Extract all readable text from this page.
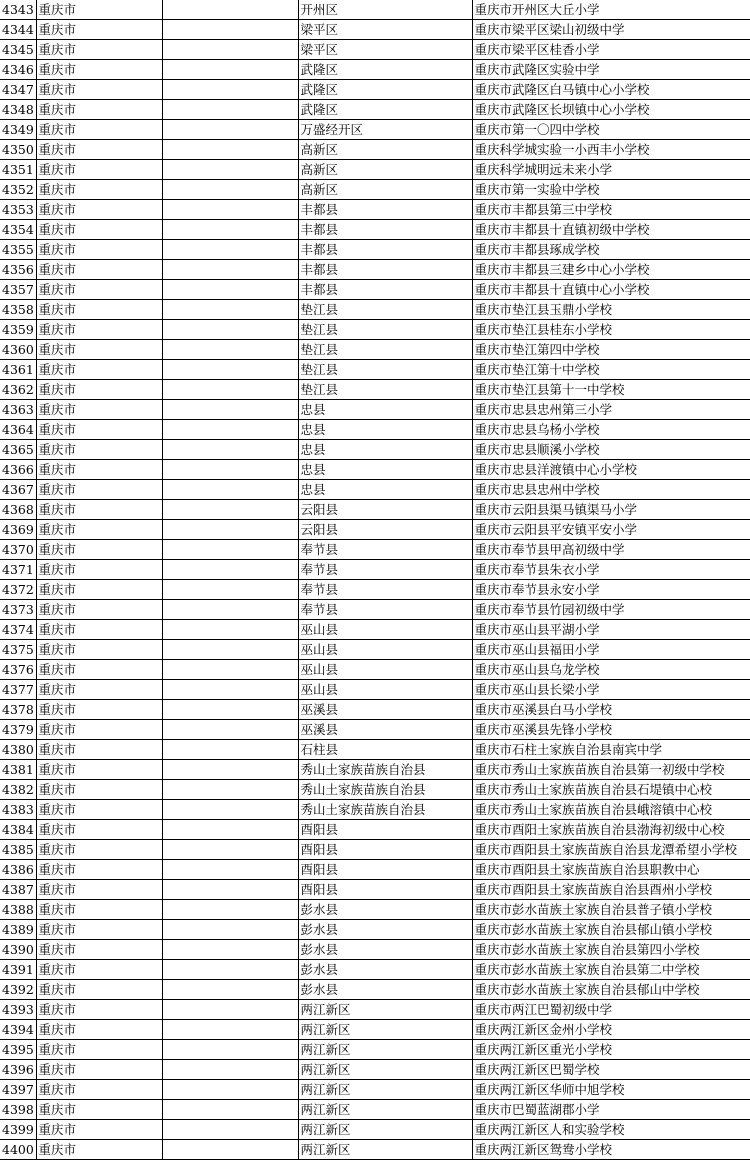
4343	重庆市		开州区	重庆市开州区大丘小学
4344	重庆市		梁平区	重庆市梁平区梁山初级中学
4345	重庆市		梁平区	重庆市梁平区桂香小学
4346	重庆市		武隆区	重庆市武隆区实验中学
4347	重庆市		武隆区	重庆市武隆区白马镇中心小学校
4348	重庆市		武隆区	重庆市武隆区长坝镇中心小学校
4349	重庆市		万盛经开区	重庆市第一〇四中学校
4350	重庆市		高新区	重庆科学城实验一小西丰小学校
4351	重庆市		高新区	重庆科学城明远未来小学
4352	重庆市		高新区	重庆市第一实验中学校
4353	重庆市		丰都县	重庆市丰都县第三中学校
4354	重庆市		丰都县	重庆市丰都县十直镇初级中学校
4355	重庆市		丰都县	重庆市丰都县琢成学校
4356	重庆市		丰都县	重庆市丰都县三建乡中心小学校
4357	重庆市		丰都县	重庆市丰都县十直镇中心小学校
4358	重庆市		垫江县	重庆市垫江县玉鼎小学校
4359	重庆市		垫江县	重庆市垫江县桂东小学校
4360	重庆市		垫江县	重庆市垫江第四中学校
4361	重庆市		垫江县	重庆市垫江第十中学校
4362	重庆市		垫江县	重庆市垫江县第十一中学校
4363	重庆市		忠县	重庆市忠县忠州第三小学
4364	重庆市		忠县	重庆市忠县乌杨小学校
4365	重庆市		忠县	重庆市忠县顺溪小学校
4366	重庆市		忠县	重庆市忠县洋渡镇中心小学校
4367	重庆市		忠县	重庆市忠县忠州中学校
4368	重庆市		云阳县	重庆市云阳县渠马镇渠马小学
4369	重庆市		云阳县	重庆市云阳县平安镇平安小学
4370	重庆市		奉节县	重庆市奉节县甲高初级中学
4371	重庆市		奉节县	重庆市奉节县朱衣小学
4372	重庆市		奉节县	重庆市奉节县永安小学
4373	重庆市		奉节县	重庆市奉节县竹园初级中学
4374	重庆市		巫山县	重庆市巫山县平湖小学
4375	重庆市		巫山县	重庆市巫山县福田小学
4376	重庆市		巫山县	重庆市巫山县乌龙学校
4377	重庆市		巫山县	重庆市巫山县长梁小学
4378	重庆市		巫溪县	重庆市巫溪县白马小学校
4379	重庆市		巫溪县	重庆市巫溪县先锋小学校
4380	重庆市		石柱县	重庆市石柱土家族自治县南宾中学
4381	重庆市		秀山土家族苗族自治县	重庆市秀山土家族苗族自治县第一初级中学校
4382	重庆市		秀山土家族苗族自治县	重庆市秀山土家族苗族自治县石堤镇中心校
4383	重庆市		秀山土家族苗族自治县	重庆市秀山土家族苗族自治县峨溶镇中心校
4384	重庆市		酉阳县	重庆市酉阳土家族苗族自治县渤海初级中心校
4385	重庆市		酉阳县	重庆市酉阳县土家族苗族自治县龙潭希望小学校
4386	重庆市		酉阳县	重庆市酉阳县土家族苗族自治县职教中心
4387	重庆市		酉阳县	重庆市酉阳县土家族苗族自治县酉州小学校
4388	重庆市		彭水县	重庆市彭水苗族土家族自治县普子镇小学校
4389	重庆市		彭水县	重庆市彭水苗族土家族自治县郁山镇小学校
4390	重庆市		彭水县	重庆市彭水苗族土家族自治县第四小学校
4391	重庆市		彭水县	重庆市彭水苗族土家族自治县第二中学校
4392	重庆市		彭水县	重庆市彭水苗族土家族自治县郁山中学校
4393	重庆市		两江新区	重庆市两江巴蜀初级中学
4394	重庆市		两江新区	重庆两江新区金州小学校
4395	重庆市		两江新区	重庆两江新区重光小学校
4396	重庆市		两江新区	重庆两江新区巴蜀学校
4397	重庆市		两江新区	重庆两江新区华师中旭学校
4398	重庆市		两江新区	重庆市巴蜀蓝湖郡小学
4399	重庆市		两江新区	重庆两江新区人和实验学校
4400	重庆市		两江新区	重庆两江新区鸳鸯小学校
